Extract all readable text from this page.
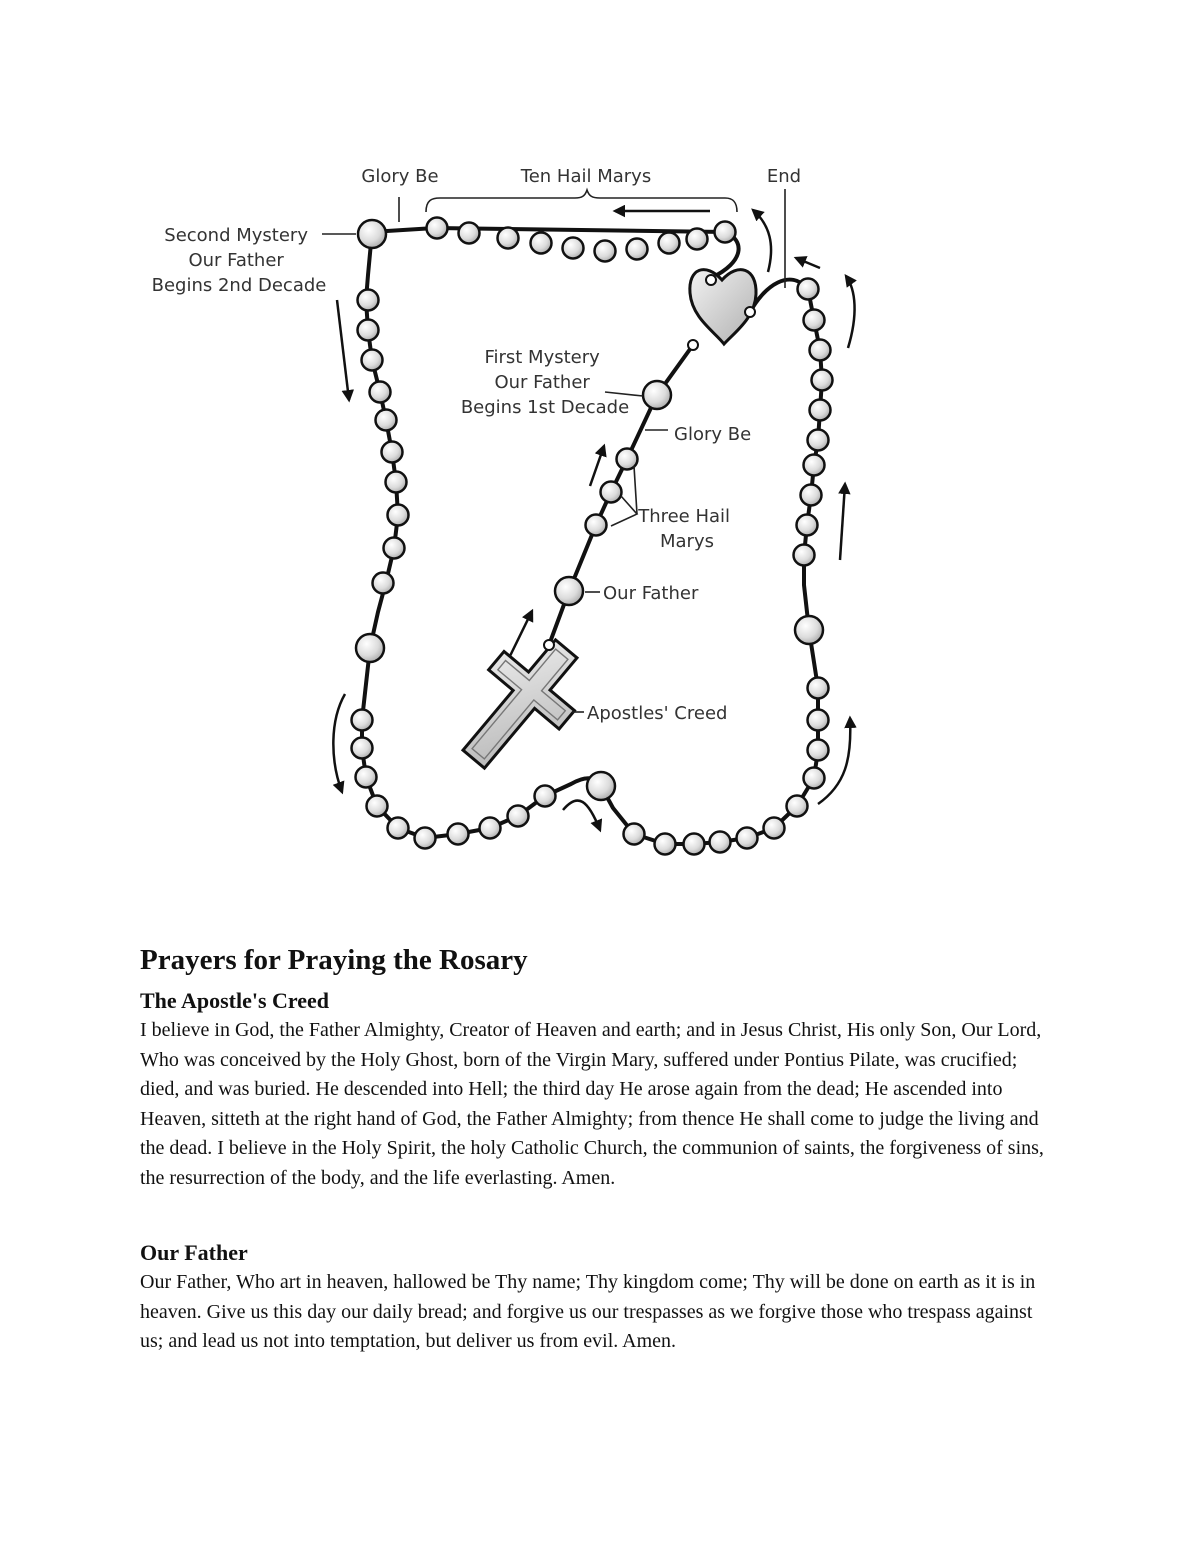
Glory Be	Ten Hail Marys	End
Second Mystery Our Father Begins 2nd Decade
First Mystery Our Father Begins 1st Decade
Glory Be
Three Hail Marys
Our Father
Apostles' Creed
Prayers for Praying the Rosary
The Apostle's Creed

I believe in God, the Father Almighty, Creator of Heaven and earth; and in Jesus Christ, His only Son, Our Lord, Who was conceived by the Holy Ghost, born of the Virgin Mary, suffered under Pontius Pilate, was crucified; died, and was buried. He descended into Hell; the third day He arose again from the dead; He ascended into Heaven, sitteth at the right hand of God, the Father Almighty; from thence He shall come to judge the living and the dead. I believe in the Holy Spirit, the holy Catholic Church, the communion of saints, the forgiveness of sins, the resurrection of the body, and the life everlasting. Amen.

Our Father

Our Father, Who art in heaven, hallowed be Thy name; Thy kingdom come; Thy will be done on earth as it is in heaven. Give us this day our daily bread; and forgive us our trespasses as we forgive those who trespass against us; and lead us not into temptation, but deliver us from evil. Amen.
